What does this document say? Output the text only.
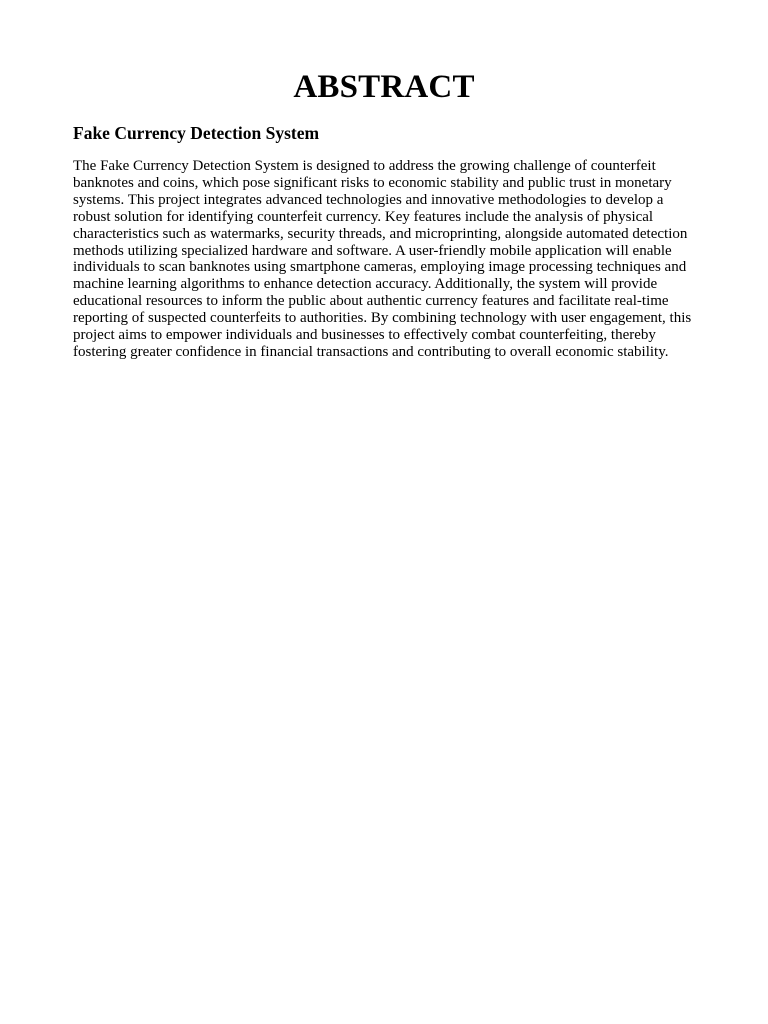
ABSTRACT
Fake Currency Detection System

The Fake Currency Detection System is designed to address the growing challenge of counterfeit banknotes and coins, which pose significant risks to economic stability and public trust in monetary systems. This project integrates advanced technologies and innovative methodologies to develop a robust solution for identifying counterfeit currency. Key features include the analysis of physical characteristics such as watermarks, security threads, and microprinting, alongside automated detection methods utilizing specialized hardware and software. A user-friendly mobile application will enable individuals to scan banknotes using smartphone cameras, employing image processing techniques and machine learning algorithms to enhance detection accuracy. Additionally, the system will provide educational resources to inform the public about authentic currency features and facilitate real-time reporting of suspected counterfeits to authorities. By combining technology with user engagement, this project aims to empower individuals and businesses to effectively combat counterfeiting, thereby fostering greater confidence in financial transactions and contributing to overall economic stability.
